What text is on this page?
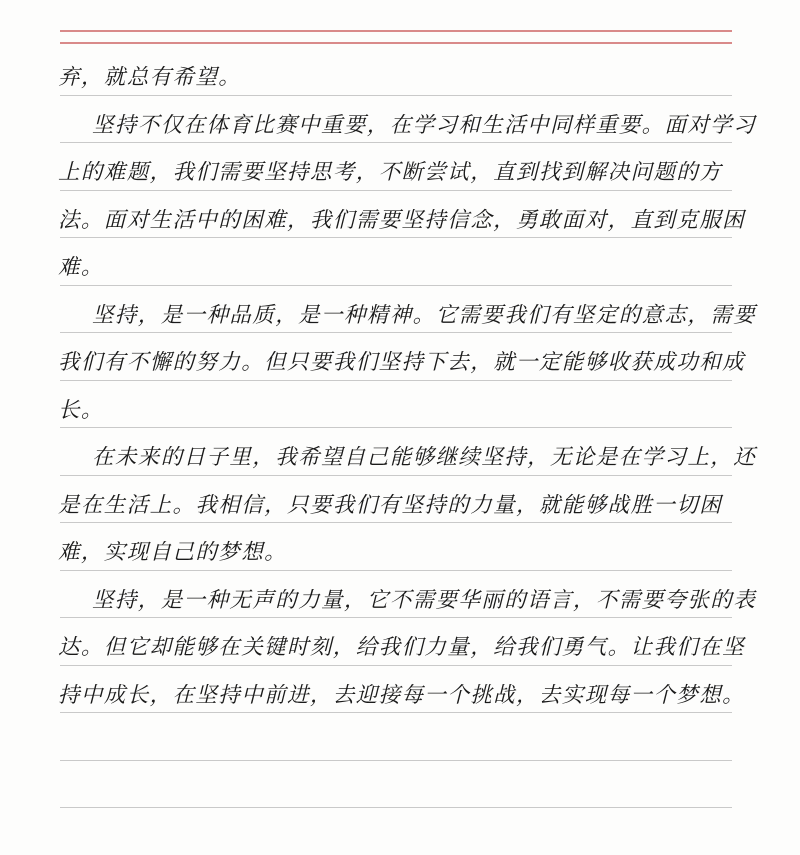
弃，就总有希望。
坚持不仅在体育比赛中重要，在学习和生活中同样重要。面对学习
上的难题，我们需要坚持思考，不断尝试，直到找到解决问题的方
法。面对生活中的困难，我们需要坚持信念，勇敢面对，直到克服困
难。
坚持，是一种品质，是一种精神。它需要我们有坚定的意志，需要
我们有不懈的努力。但只要我们坚持下去，就一定能够收获成功和成
长。
在未来的日子里，我希望自己能够继续坚持，无论是在学习上，还
是在生活上。我相信，只要我们有坚持的力量，就能够战胜一切困
难，实现自己的梦想。
坚持，是一种无声的力量，它不需要华丽的语言，不需要夸张的表
达。但它却能够在关键时刻，给我们力量，给我们勇气。让我们在坚
持中成长，在坚持中前进，去迎接每一个挑战，去实现每一个梦想。
